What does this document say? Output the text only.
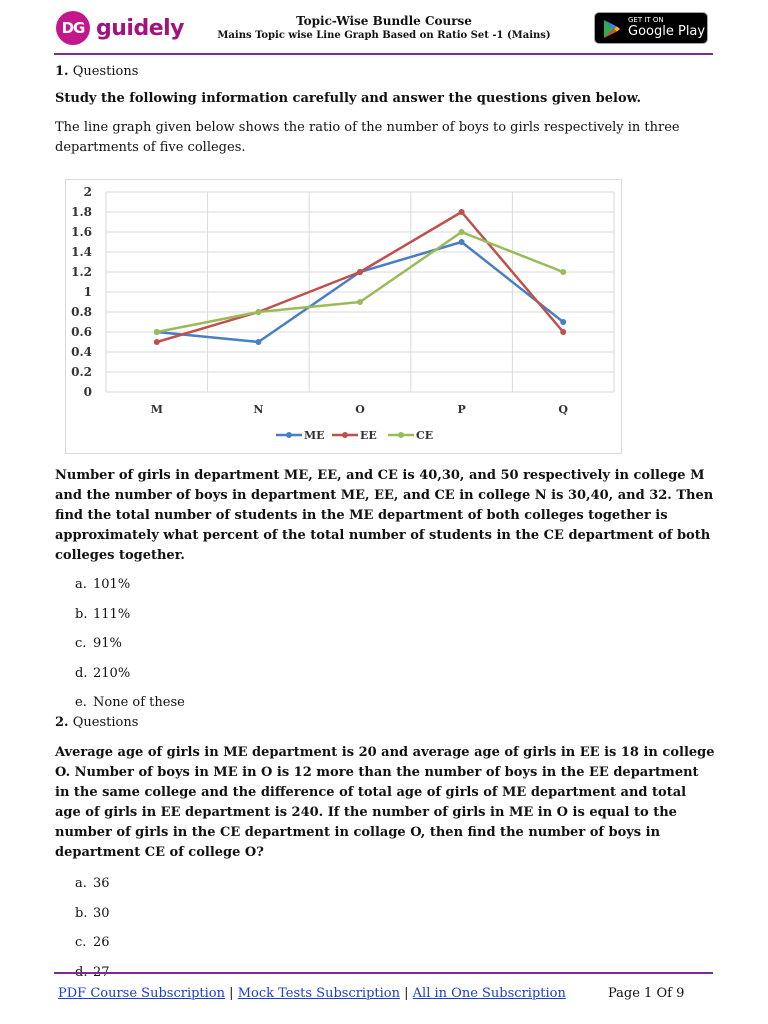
DG guidely	Topic-Wise Bundle Course
Mains Topic wise Line Graph Based on Ratio Set -1 (Mains)
GET IT ON
Google Play
1. Questions

Study the following information carefully and answer the questions given below.

The line graph given below shows the ratio of the number of boys to girls respectively in three departments of five colleges.

0
0.2
0.4
0.6
0.8
1
1.2
1.4
1.6
1.8
2
M	N	O	P	Q
ME	EE	CE

Number of girls in department ME, EE, and CE is 40,30, and 50 respectively in college M and the number of boys in department ME, EE, and CE in college N is 30,40, and 32. Then find the total number of students in the ME department of both colleges together is approximately what percent of the total number of students in the CE department of both colleges together.

a. 101%
b. 111%
c. 91%
d. 210%
e. None of these
2. Questions

Average age of girls in ME department is 20 and average age of girls in EE is 18 in college O. Number of boys in ME in O is 12 more than the number of boys in the EE department in the same college and the difference of total age of girls of ME department and total age of girls in EE department is 240. If the number of girls in ME in O is equal to the number of girls in the CE department in collage O, then find the number of boys in department CE of college O?

a. 36
b. 30
c. 26
PDF Course Subscription | Mock Tests Subscription | All in One Subscription	Page 1 Of 9
